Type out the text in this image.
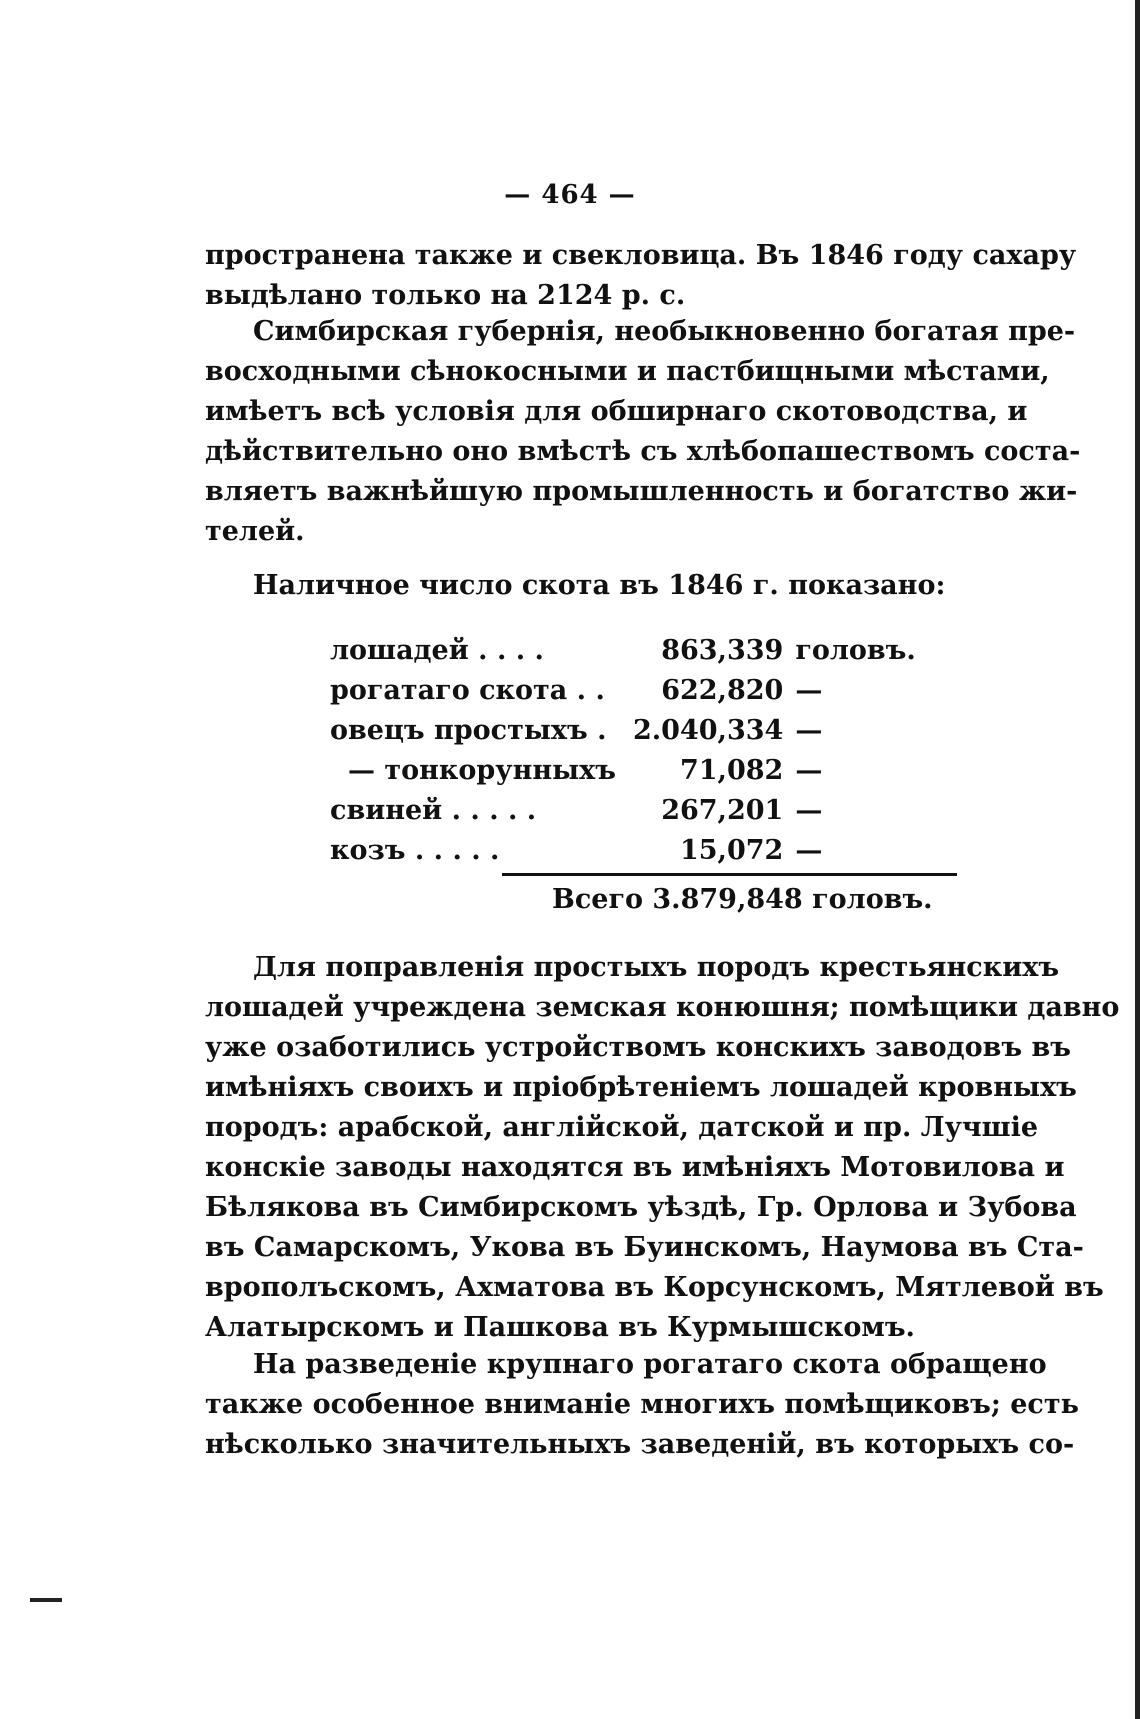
— 464 —
пространена также и свекловица. Въ 1846 году сахару
выдѣлано только на 2124 р. с.
Симбирская губернія, необыкновенно богатая пре-
восходными сѣнокосными и пастбищными мѣстами,
имѣетъ всѣ условія для обширнаго скотоводства, и
дѣйствительно оно вмѣстѣ съ хлѣбопашествомъ соста-
вляетъ важнѣйшую промышленность и богатство жи-
телей.
Наличное число скота въ 1846 г. показано:
лошадей . . . .	863,339	головъ.
рогатаго скота . .	622,820	—
овецъ простыхъ .	2.040,334	—
— тонкорунныхъ	71,082	—
свиней . . . . .	267,201	—
козъ . . . . .	15,072	—
Всего 3.879,848 головъ.
Для поправленія простыхъ породъ крестьянскихъ
лошадей учреждена земская конюшня; помѣщики давно
уже озаботились устройствомъ конскихъ заводовъ въ
имѣніяхъ своихъ и пріобрѣтеніемъ лошадей кровныхъ
породъ: арабской, англійской, датской и пр. Лучшіе
конскіе заводы находятся въ имѣніяхъ Мотовилова и
Бѣлякова въ Симбирскомъ уѣздѣ, Гр. Орлова и Зубова
въ Самарскомъ, Укова въ Буинскомъ, Наумова въ Ста-
врополъскомъ, Ахматова въ Корсунскомъ, Мятлевой въ
Алатырскомъ и Пашкова въ Курмышскомъ.
На разведеніе крупнаго рогатаго скота обращено
также особенное вниманіе многихъ помѣщиковъ; есть
нѣсколько значительныхъ заведеній, въ которыхъ со-
